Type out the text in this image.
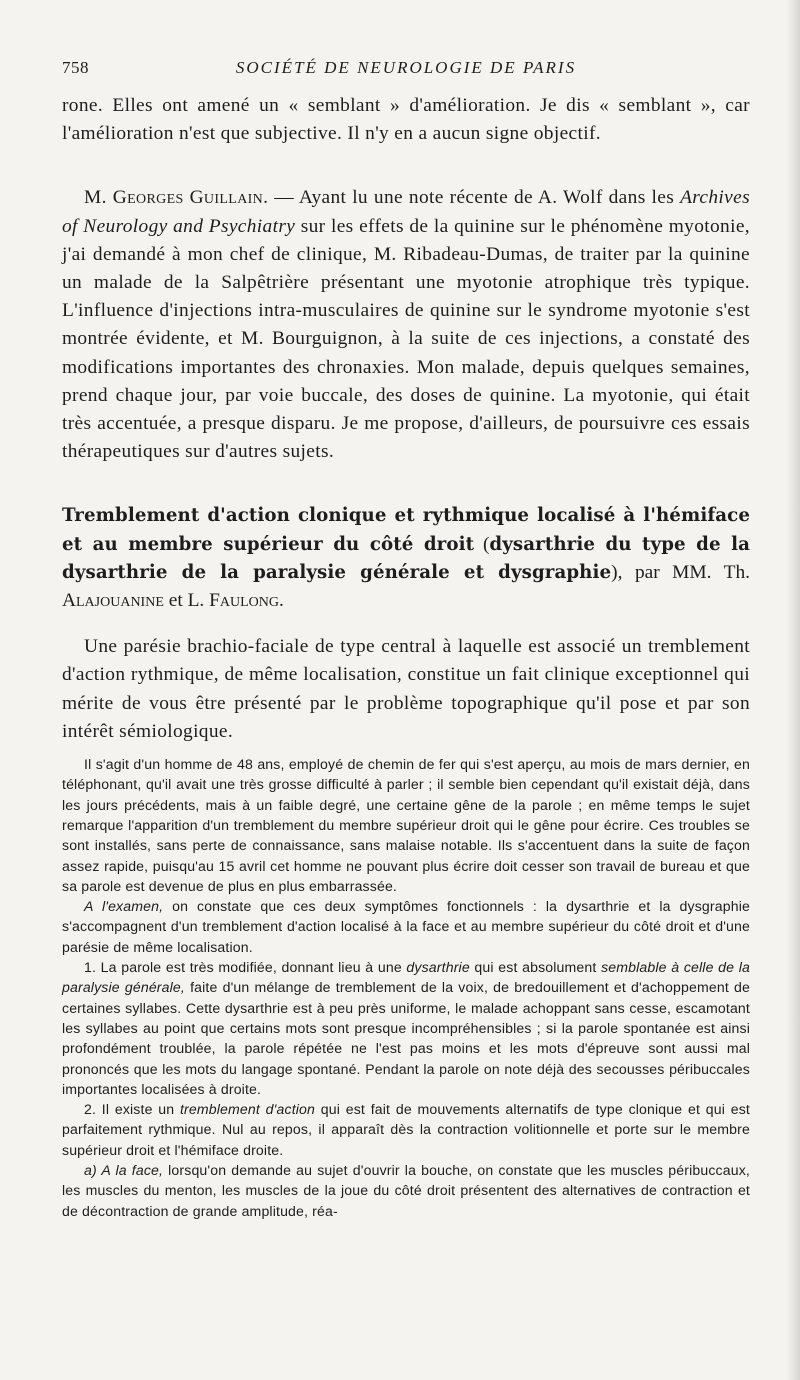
758	SOCIÉTÉ DE NEUROLOGIE DE PARIS

rone. Elles ont amené un « semblant » d'amélioration. Je dis « semblant », car l'amélioration n'est que subjective. Il n'y en a aucun signe objectif.

M. Georges Guillain. — Ayant lu une note récente de A. Wolf dans les Archives of Neurology and Psychiatry sur les effets de la quinine sur le phénomène myotonie, j'ai demandé à mon chef de clinique, M. Ribadeau-Dumas, de traiter par la quinine un malade de la Salpêtrière présentant une myotonie atrophique très typique. L'influence d'injections intra-musculaires de quinine sur le syndrome myotonie s'est montrée évidente, et M. Bourguignon, à la suite de ces injections, a constaté des modifications importantes des chronaxies. Mon malade, depuis quelques semaines, prend chaque jour, par voie buccale, des doses de quinine. La myotonie, qui était très accentuée, a presque disparu. Je me propose, d'ailleurs, de poursuivre ces essais thérapeutiques sur d'autres sujets.

Tremblement d'action clonique et rythmique localisé à l'hémiface et au membre supérieur du côté droit (dysarthrie du type de la dysarthrie de la paralysie générale et dysgraphie), par MM. Th. Alajouanine et L. Faulong.

Une parésie brachio-faciale de type central à laquelle est associé un tremblement d'action rythmique, de même localisation, constitue un fait clinique exceptionnel qui mérite de vous être présenté par le problème topographique qu'il pose et par son intérêt sémiologique.

Il s'agit d'un homme de 48 ans, employé de chemin de fer qui s'est aperçu, au mois de mars dernier, en téléphonant, qu'il avait une très grosse difficulté à parler ; il semble bien cependant qu'il existait déjà, dans les jours précédents, mais à un faible degré, une certaine gêne de la parole ; en même temps le sujet remarque l'apparition d'un tremblement du membre supérieur droit qui le gêne pour écrire. Ces troubles se sont installés, sans perte de connaissance, sans malaise notable. Ils s'accentuent dans la suite de façon assez rapide, puisqu'au 15 avril cet homme ne pouvant plus écrire doit cesser son travail de bureau et que sa parole est devenue de plus en plus embarrassée.

A l'examen, on constate que ces deux symptômes fonctionnels : la dysarthrie et la dysgraphie s'accompagnent d'un tremblement d'action localisé à la face et au membre supérieur du côté droit et d'une parésie de même localisation.

1. La parole est très modifiée, donnant lieu à une dysarthrie qui est absolument semblable à celle de la paralysie générale, faite d'un mélange de tremblement de la voix, de bredouillement et d'achoppement de certaines syllabes. Cette dysarthrie est à peu près uniforme, le malade achoppant sans cesse, escamotant les syllabes au point que certains mots sont presque incompréhensibles ; si la parole spontanée est ainsi profondément troublée, la parole répétée ne l'est pas moins et les mots d'épreuve sont aussi mal prononcés que les mots du langage spontané. Pendant la parole on note déjà des secousses péribuccales importantes localisées à droite.

2. Il existe un tremblement d'action qui est fait de mouvements alternatifs de type clonique et qui est parfaitement rythmique. Nul au repos, il apparaît dès la contraction volitionnelle et porte sur le membre supérieur droit et l'hémiface droite.

a) A la face, lorsqu'on demande au sujet d'ouvrir la bouche, on constate que les muscles péribuccaux, les muscles du menton, les muscles de la joue du côté droit présentent des alternatives de contraction et de décontraction de grande amplitude, réa-
